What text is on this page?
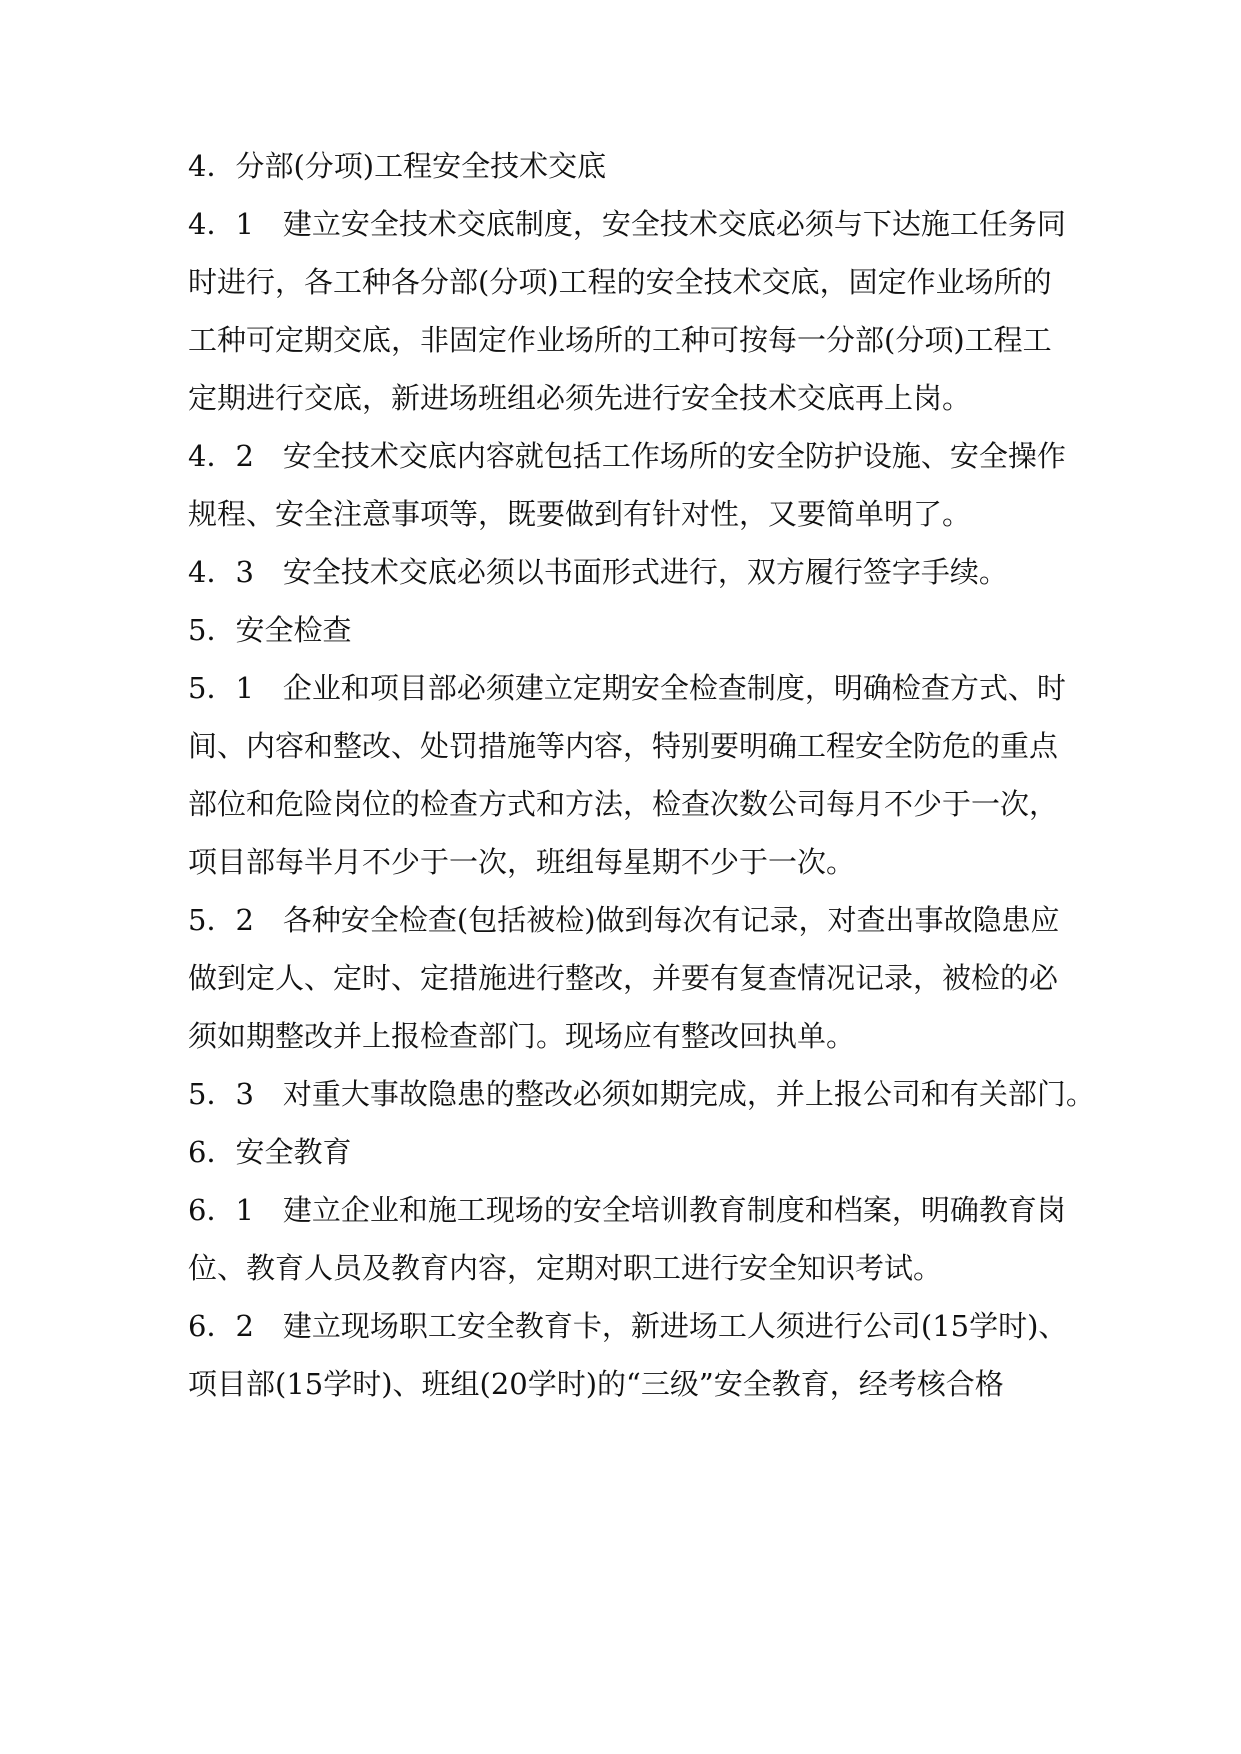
4．分部(分项)工程安全技术交底
4．1　建立安全技术交底制度，安全技术交底必须与下达施工任务同
时进行，各工种各分部(分项)工程的安全技术交底，固定作业场所的
工种可定期交底，非固定作业场所的工种可按每一分部(分项)工程工
定期进行交底，新进场班组必须先进行安全技术交底再上岗。
4．2　安全技术交底内容就包括工作场所的安全防护设施、安全操作
规程、安全注意事项等，既要做到有针对性，又要简单明了。
4．3　安全技术交底必须以书面形式进行，双方履行签字手续。
5．安全检查
5．1　企业和项目部必须建立定期安全检查制度，明确检查方式、时
间、内容和整改、处罚措施等内容，特别要明确工程安全防危的重点
部位和危险岗位的检查方式和方法，检查次数公司每月不少于一次，
项目部每半月不少于一次，班组每星期不少于一次。
5．2　各种安全检查(包括被检)做到每次有记录，对查出事故隐患应
做到定人、定时、定措施进行整改，并要有复查情况记录，被检的必
须如期整改并上报检查部门。现场应有整改回执单。
5．3　对重大事故隐患的整改必须如期完成，并上报公司和有关部门。
6．安全教育
6．1　建立企业和施工现场的安全培训教育制度和档案，明确教育岗
位、教育人员及教育内容，定期对职工进行安全知识考试。
6．2　建立现场职工安全教育卡，新进场工人须进行公司(15学时)、
项目部(15学时)、班组(20学时)的“三级”安全教育，经考核合格
